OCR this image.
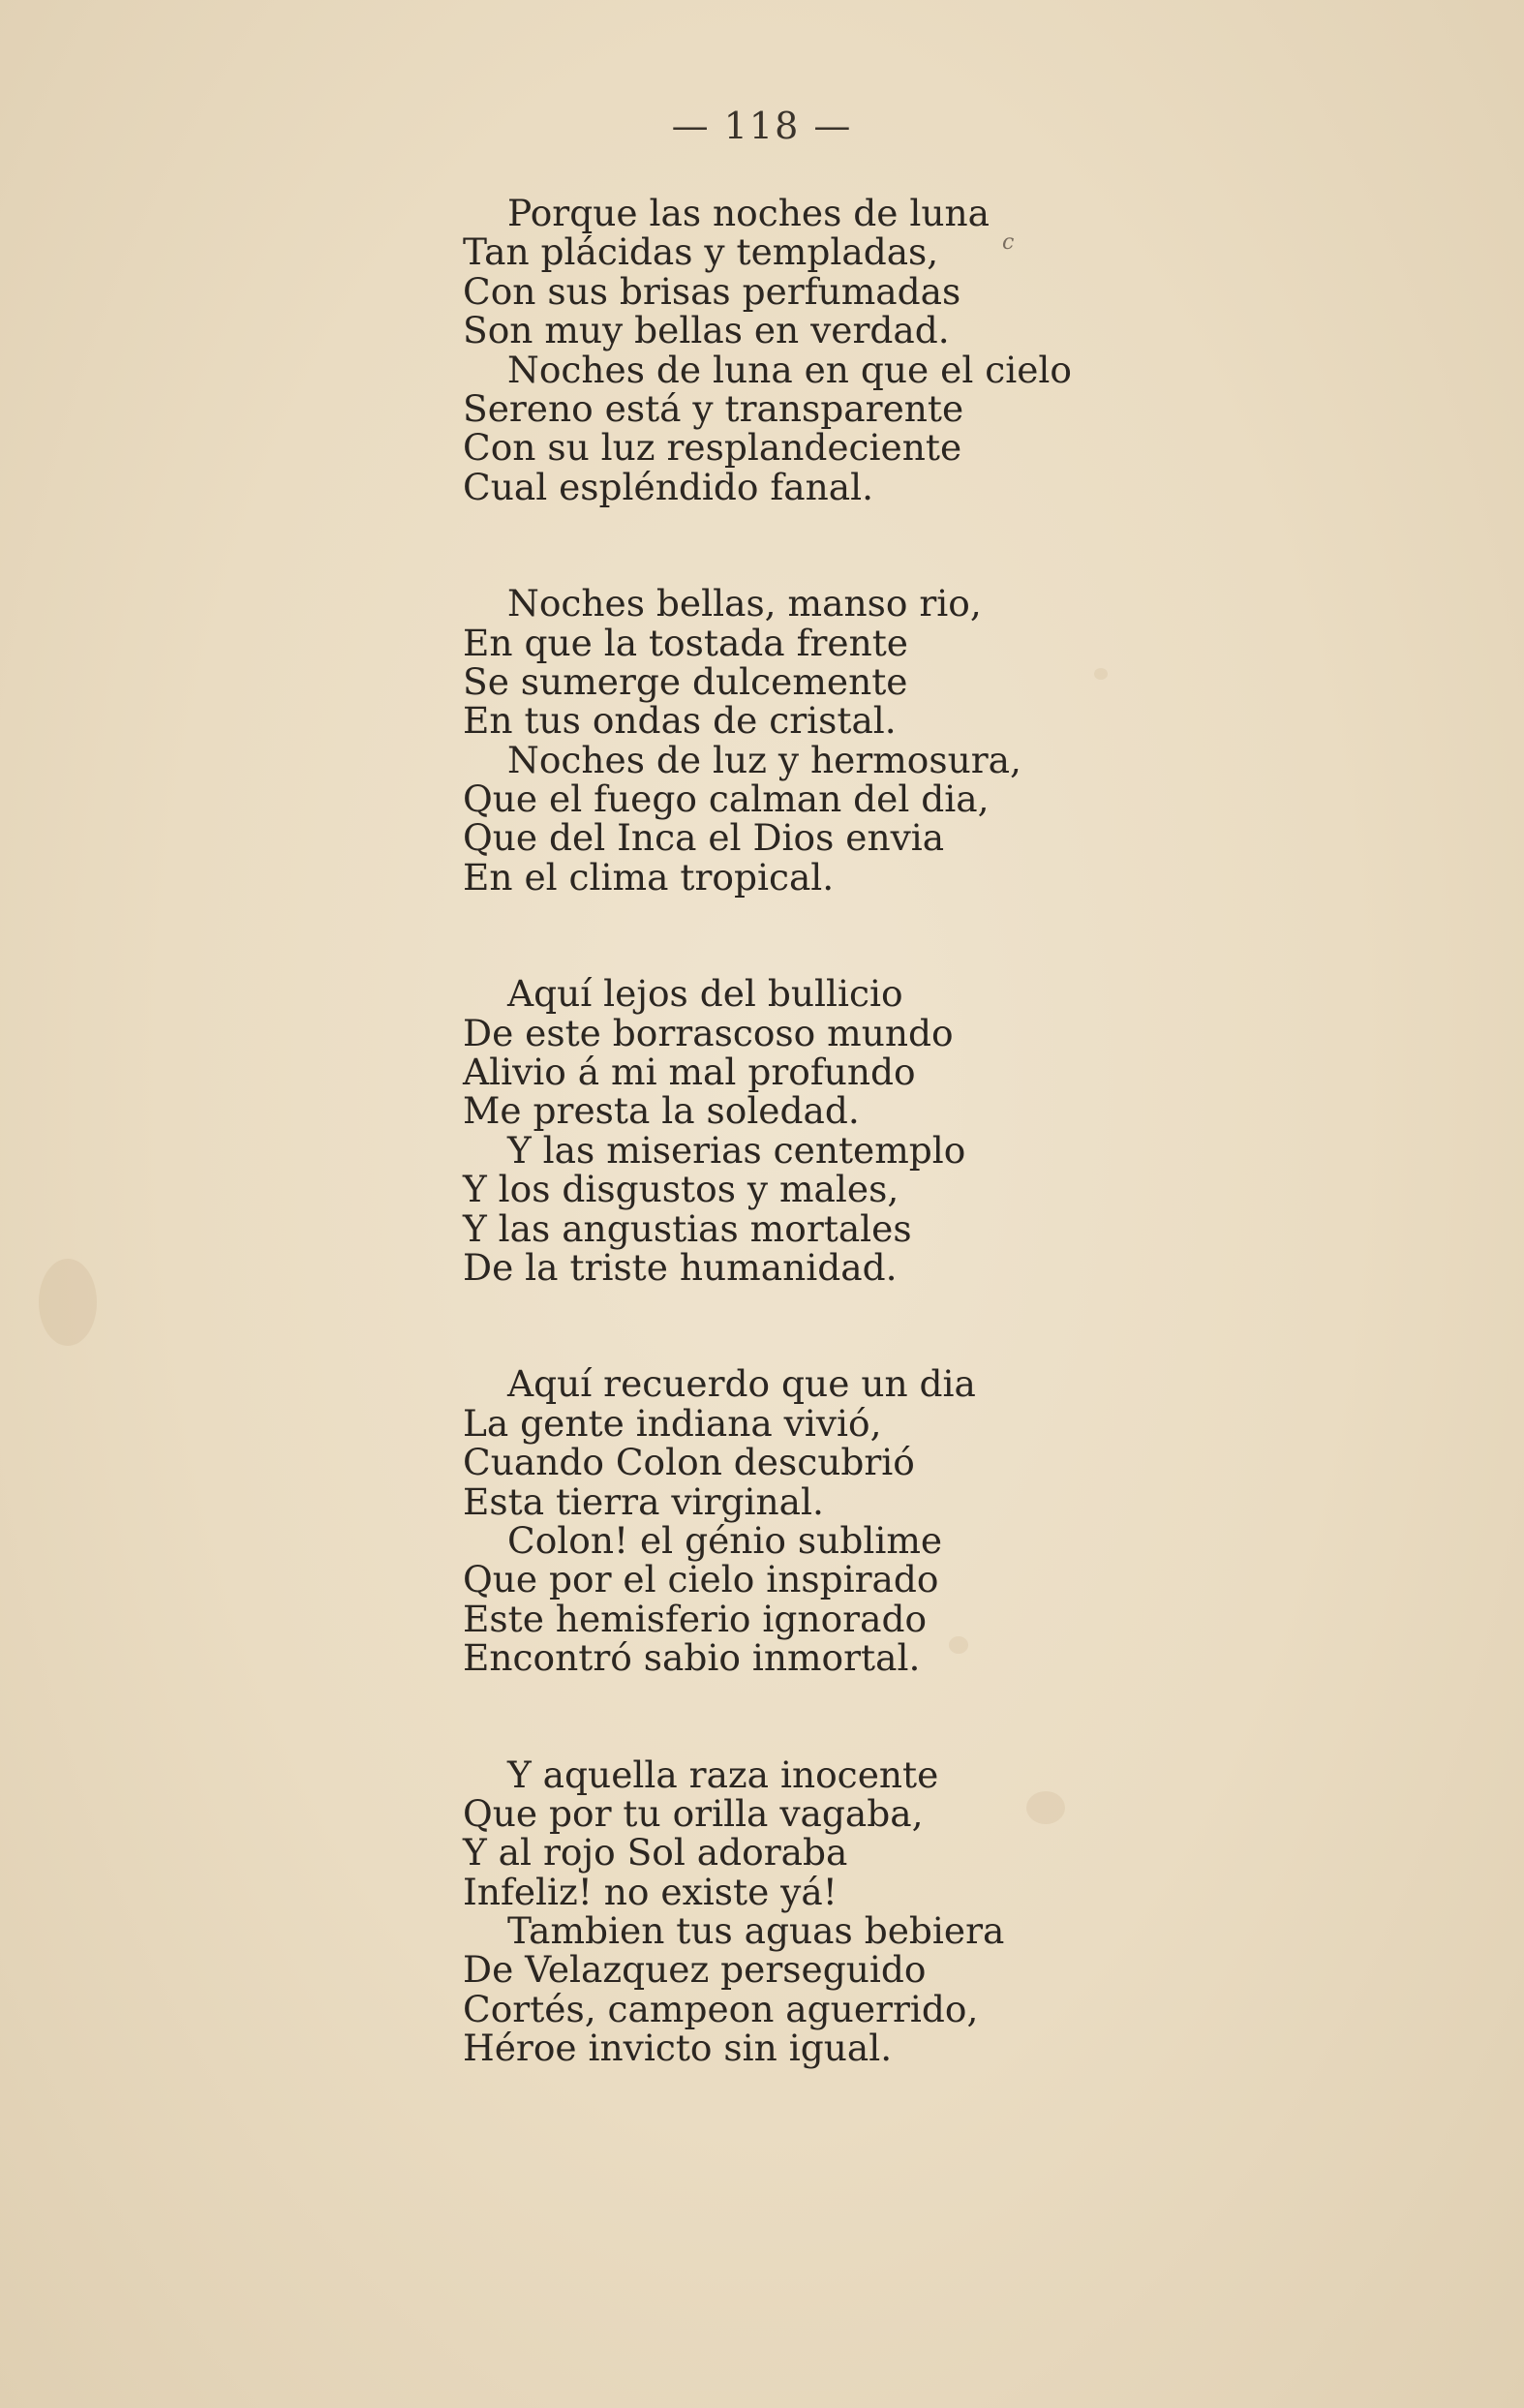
— 118 —
c
Porque las noches de luna
Tan plácidas y templadas,
Con sus brisas perfumadas
Son muy bellas en verdad.
Noches de luna en que el cielo
Sereno está y transparente
Con su luz resplandeciente
Cual espléndido fanal.
Noches bellas, manso rio,
En que la tostada frente
Se sumerge dulcemente
En tus ondas de cristal.
Noches de luz y hermosura,
Que el fuego calman del dia,
Que del Inca el Dios envia
En el clima tropical.
Aquí lejos del bullicio
De este borrascoso mundo
Alivio á mi mal profundo
Me presta la soledad.
Y las miserias centemplo
Y los disgustos y males,
Y las angustias mortales
De la triste humanidad.
Aquí recuerdo que un dia
La gente indiana vivió,
Cuando Colon descubrió
Esta tierra virginal.
Colon! el génio sublime
Que por el cielo inspirado
Este hemisferio ignorado
Encontró sabio inmortal.
Y aquella raza inocente
Que por tu orilla vagaba,
Y al rojo Sol adoraba
Infeliz! no existe yá!
Tambien tus aguas bebiera
De Velazquez perseguido
Cortés, campeon aguerrido,
Héroe invicto sin igual.
